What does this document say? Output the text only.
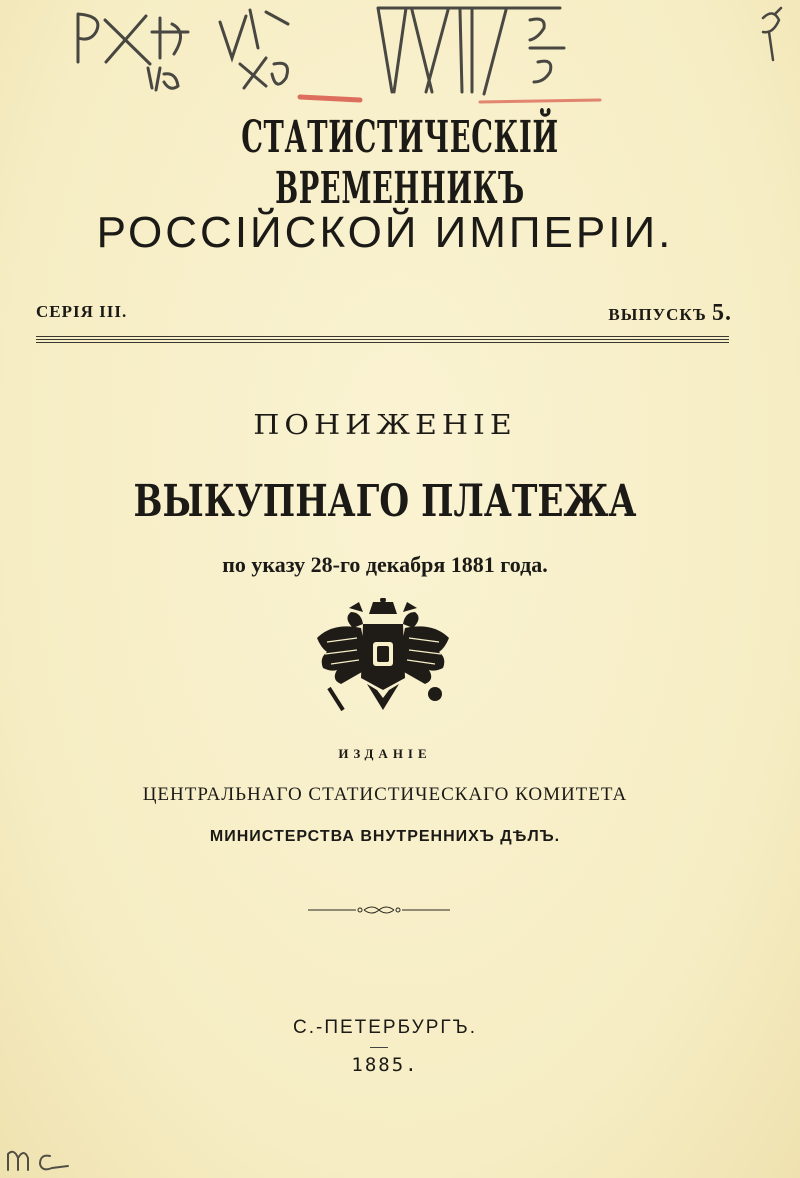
СТАТИСТИЧЕСКІЙ ВРЕМЕННИКЪ
РОССІЙСКОЙ ИМПЕРІИ.
СЕРІЯ III.	ВЫПУСКЪ 5.
ПОНИЖЕНІЕ
ВЫКУПНАГО ПЛАТЕЖА
по указу 28-го декабря 1881 года.
ИЗДАНІЕ
ЦЕНТРАЛЬНАГО СТАТИСТИЧЕСКАГО КОМИТЕТА
МИНИСТЕРСТВА ВНУТРЕННИХЪ ДѢЛЪ.
С.-ПЕТЕРБУРГЪ.
1885.
